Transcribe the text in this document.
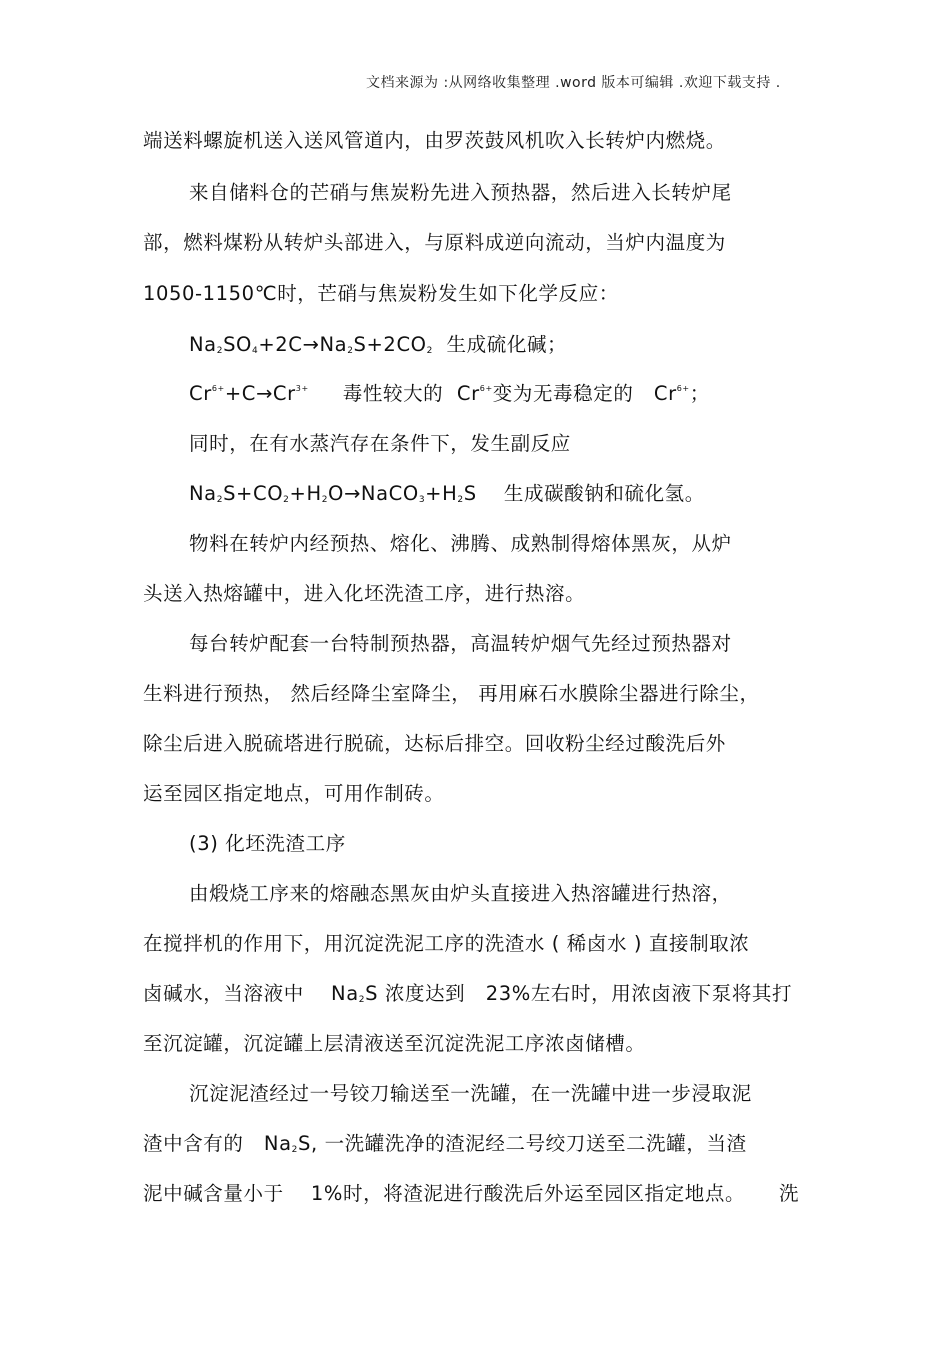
文档来源为 :从网络收集整理 .word 版本可编辑 .欢迎下载支持 .
端送料螺旋机送入送风管道内，由罗茨鼓风机吹入长转炉内燃烧。
来自储料仓的芒硝与焦炭粉先进入预热器，然后进入长转炉尾
部，燃料煤粉从转炉头部进入，与原料成逆向流动，当炉内温度为
1050-1150℃时，芒硝与焦炭粉发生如下化学反应：
$Na_2SO_4+2C\to Na_2S+2CO_2$ 生成硫化碱；
$Cr^{6+}+C\to Cr^{3+}$ 毒性较大的 $Cr^{6+}$变为无毒稳定的 $Cr^{6+}$；
同时，在有水蒸汽存在条件下，发生副反应
$Na_2S+CO_2+H_2O\to NaCO_3+H_2S$ 生成碳酸钠和硫化氢。
物料在转炉内经预热、熔化、沸腾、成熟制得熔体黑灰，从炉
头送入热熔罐中，进入化坯洗渣工序，进行热溶。
每台转炉配套一台特制预热器，高温转炉烟气先经过预热器对
生料进行预热， 然后经降尘室降尘， 再用麻石水膜除尘器进行除尘，
除尘后进入脱硫塔进行脱硫，达标后排空。回收粉尘经过酸洗后外
运至园区指定地点，可用作制砖。
(3) 化坯洗渣工序
由煅烧工序来的熔融态黑灰由炉头直接进入热溶罐进行热溶，
在搅拌机的作用下，用沉淀洗泥工序的洗渣水 ( 稀卤水 ) 直接制取浓
卤碱水，当溶液中 $Na_2S$ 浓度达到 23%左右时，用浓卤液下泵将其打
至沉淀罐，沉淀罐上层清液送至沉淀洗泥工序浓卤储槽。
沉淀泥渣经过一号铰刀输送至一洗罐，在一洗罐中进一步浸取泥
渣中含有的 $Na_2S$, 一洗罐洗净的渣泥经二号绞刀送至二洗罐，当渣
泥中碱含量小于 1%时，将渣泥进行酸洗后外运至园区指定地点。 洗
